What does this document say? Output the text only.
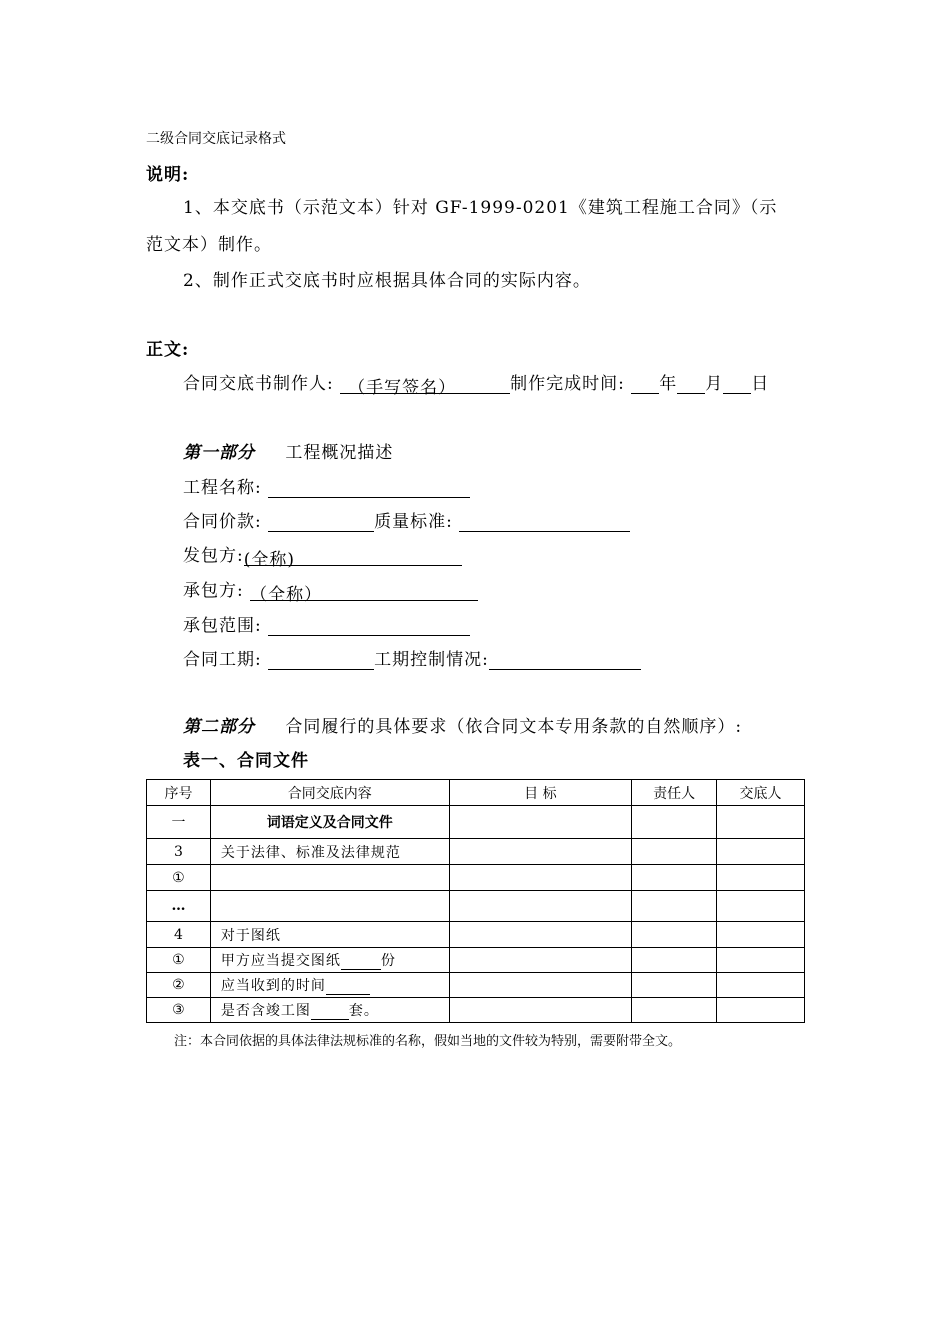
二级合同交底记录格式
说明:
1、本交底书（示范文本）针对 GF-1999-0201《建筑工程施工合同》（示
范文本）制作。
2、制作正式交底书时应根据具体合同的实际内容。
正文:
合同交底书制作人: （手写签名）	制作完成时间: 年 月 日
第一部分 工程概况描述
工程名称:
合同价款:	质量标准:
发包方:(全称)
承包方: （全称）
承包范围:
合同工期:	工期控制情况:
第二部分 合同履行的具体要求（依合同文本专用条款的自然顺序）:
表一、合同文件
序号	合同交底内容	目 标	责任人	交底人
一	词语定义及合同文件			
3	关于法律、标准及法律规范			
①				
…				
4	对于图纸			
①	甲方应当提交图纸 份			
②	应当收到的时间			
③	是否含竣工图 套。			
注：本合同依据的具体法律法规标准的名称，假如当地的文件较为特别，需要附带全文。
